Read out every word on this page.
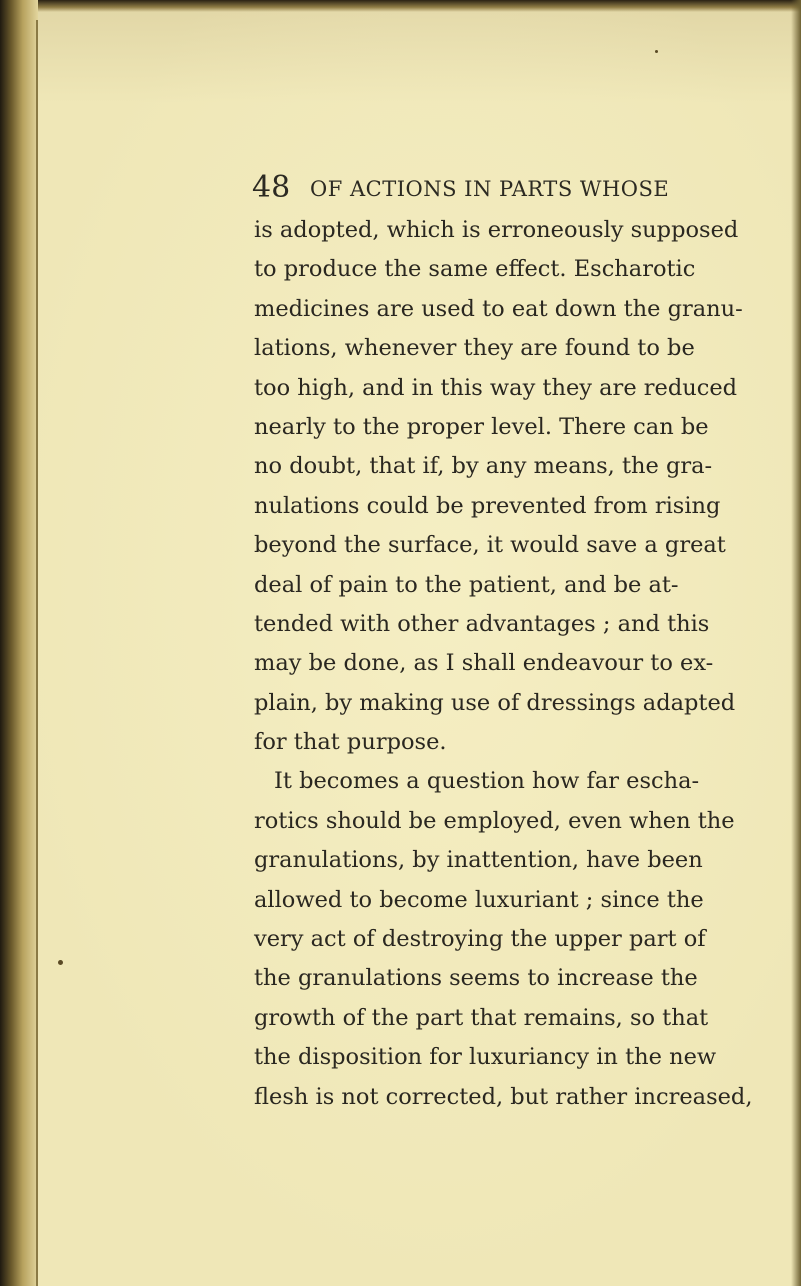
48 OF ACTIONS IN PARTS WHOSE
is adopted, which is erroneously supposed
to produce the same effect. Escharotic
medicines are used to eat down the granu-
lations, whenever they are found to be
too high, and in this way they are reduced
nearly to the proper level. There can be
no doubt, that if, by any means, the gra-
nulations could be prevented from rising
beyond the surface, it would save a great
deal of pain to the patient, and be at-
tended with other advantages ; and this
may be done, as I shall endeavour to ex-
plain, by making use of dressings adapted
for that purpose.
It becomes a question how far escha-
rotics should be employed, even when the
granulations, by inattention, have been
allowed to become luxuriant ; since the
very act of destroying the upper part of
the granulations seems to increase the
growth of the part that remains, so that
the disposition for luxuriancy in the new
flesh is not corrected, but rather increased,
